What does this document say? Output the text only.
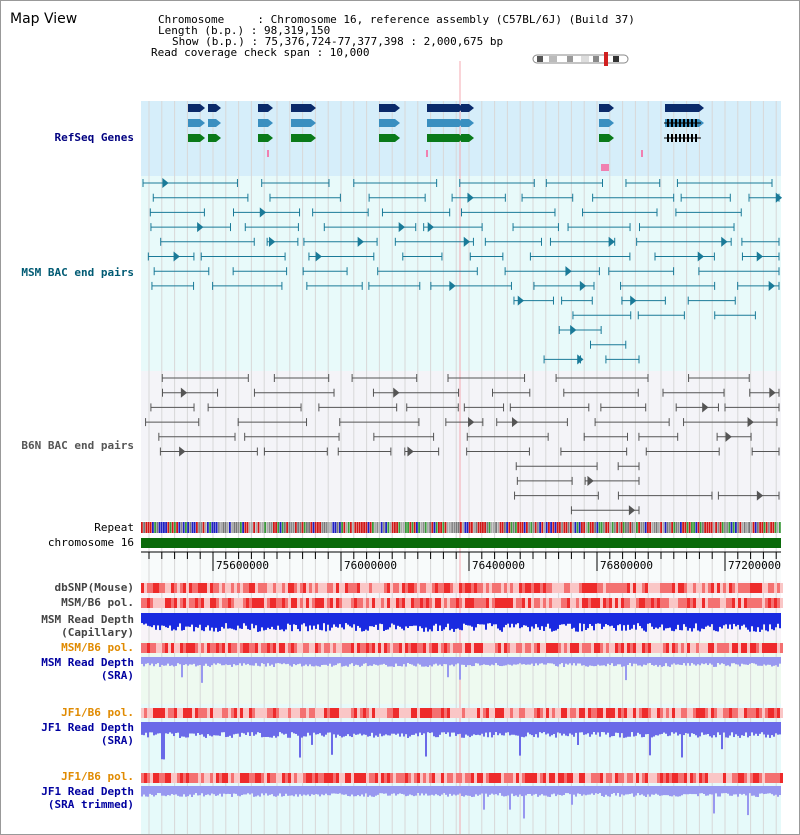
Map View	Chromosome     : Chromosome 16, reference assembly (C57BL/6J) (Build 37)
Length (b.p.) : 98,319,150
Show (b.p.) : 75,376,724-77,377,398 : 2,000,675 bp
Read coverage check span : 10,000
75600000	76000000	76400000	76800000	77200000
RefSeq Genes
MSM BAC end pairs
B6N BAC end pairs
Repeat
chromosome 16
dbSNP(Mouse)
MSM/B6 pol.
MSM Read Depth
(Capillary)
MSM/B6 pol.
MSM Read Depth
(SRA)
JF1/B6 pol.
JF1 Read Depth
(SRA)
JF1/B6 pol.
JF1 Read Depth
(SRA trimmed)
